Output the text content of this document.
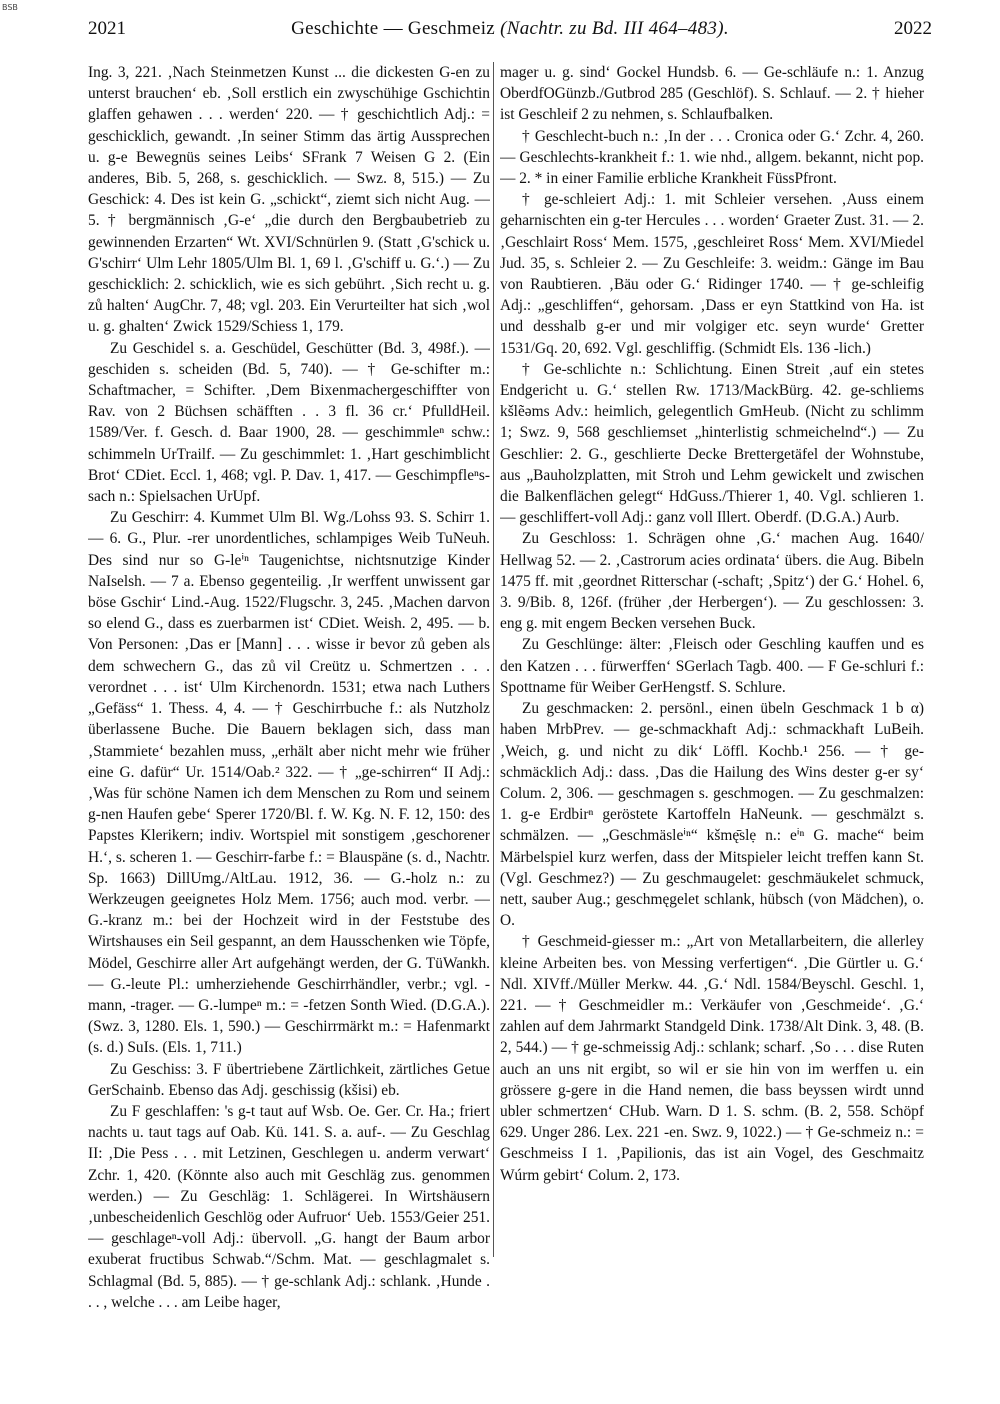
BSB
2021	Geschichte — Geschmeiz (Nachtr. zu Bd. III 464–483).	2022

Ing. 3, 221. ‚Nach Steinmetzen Kunst ... die dickesten G-en zu unterst brauchen‘ eb. ‚Soll erstlich ein zwyschühige Gschichtin glaffen gehawen . . . werden‘ 220. — † geschichtlich Adj.: = geschicklich, gewandt. ‚In seiner Stimm das ärtig Aussprechen u. g-e Bewegnüs seines Leibs‘ SFrank 7 Weisen G 2. (Ein anderes, Bib. 5, 268, s. geschicklich. — Swz. 8, 515.) — Zu Geschick: 4. Des ist kein G. „schickt“, ziemt sich nicht Aug. — 5. † bergmännisch ‚G-e‘ „die durch den Bergbaubetrieb zu gewinnenden Erzarten“ Wt. XVI/Schnürlen 9. (Statt ‚G'schick u. G'schirr‘ Ulm Lehr 1805/Ulm Bl. 1, 69 l. ‚G'schiff u. G.‘.) — Zu geschicklich: 2. schicklich, wie es sich gebührt. ‚Sich recht u. g. zů halten‘ AugChr. 7, 48; vgl. 203. Ein Verurteilter hat sich ‚wol u. g. ghalten‘ Zwick 1529/Schiess 1, 179.

Zu Geschidel s. a. Geschüdel, Geschütter (Bd. 3, 498f.). — geschiden s. scheiden (Bd. 5, 740). — † Ge-schifter m.: Schaftmacher, = Schifter. ‚Dem Bixenmachergeschiffter von Rav. von 2 Büchsen schäfften . . 3 fl. 36 cr.‘ PfulldHeil. 1589/Ver. f. Gesch. d. Baar 1900, 28. — geschimmleⁿ schw.: schimmeln UrTrailf. — Zu geschimmlet: 1. ‚Hart geschimblicht Brot‘ CDiet. Eccl. 1, 468; vgl. P. Dav. 1, 417. — Geschimpfleⁿs-sach n.: Spielsachen UrUpf.

Zu Geschirr: 4. Kummet Ulm Bl. Wg./Lohss 93. S. Schirr 1. — 6. G., Plur. -rer unordentliches, schlampiges Weib TuNeuh. Des sind nur so G-leⁱⁿ Taugenichtse, nichtsnutzige Kinder NaIselsh. — 7 a. Ebenso gegenteilig. ‚Ir werffent unwissent gar böse Gschir‘ Lind.-Aug. 1522/Flugschr. 3, 245. ‚Machen darvon so elend G., dass es zuerbarmen ist‘ CDiet. Weish. 2, 495. — b. Von Personen: ‚Das er [Mann] . . . wisse ir bevor zů geben als dem schwechern G., das zů vil Creütz u. Schmertzen . . . verordnet . . . ist‘ Ulm Kirchenordn. 1531; etwa nach Luthers „Gefäss“ 1. Thess. 4, 4. — † Geschirrbuche f.: als Nutzholz überlassene Buche. Die Bauern beklagen sich, dass man ‚Stammiete‘ bezahlen muss, „erhält aber nicht mehr wie früher eine G. dafür“ Ur. 1514/Oab.² 322. — † „ge-schirren“ II Adj.: ‚Was für schöne Namen ich dem Menschen zu Rom und seinem g-nen Haufen gebe‘ Sperer 1720/Bl. f. W. Kg. N. F. 12, 150: des Papstes Klerikern; indiv. Wortspiel mit sonstigem ‚geschorener H.‘, s. scheren 1. — Geschirr-farbe f.: = Blauspäne (s. d., Nachtr. Sp. 1663) DillUmg./AltLau. 1912, 36. — G.-holz n.: zu Werkzeugen geeignetes Holz Mem. 1756; auch mod. verbr. — G.-kranz m.: bei der Hochzeit wird in der Feststube des Wirtshauses ein Seil gespannt, an dem Hausschenken wie Töpfe, Mödel, Geschirre aller Art aufgehängt werden, der G. TüWankh. — G.-leute Pl.: umherziehende Geschirrhändler, verbr.; vgl. -mann, -trager. — G.-lumpeⁿ m.: = -fetzen Sonth Wied. (D.G.A.). (Swz. 3, 1280. Els. 1, 590.) — Geschirrmärkt m.: = Hafenmarkt (s. d.) SuIs. (Els. 1, 711.)

Zu Geschiss: 3. F übertriebene Zärtlichkeit, zärtliches Getue GerSchainb. Ebenso das Adj. geschissig (kšisi) eb.

Zu F geschlaffen: 's g-t taut auf Wsb. Oe. Ger. Cr. Ha.; friert nachts u. taut tags auf Oab. Kü. 141. S. a. auf-. — Zu Geschlag II: ‚Die Pess . . . mit Letzinen, Geschlegen u. anderm verwart‘ Zchr. 1, 420. (Könnte also auch mit Geschläg zus. genommen werden.) — Zu Geschläg: 1. Schlägerei. In Wirtshäusern ‚unbescheidenlich Geschlög oder Aufruor‘ Ueb. 1553/Geier 251. — geschlageⁿ-voll Adj.: übervoll. „G. hangt der Baum arbor exuberat fructibus Schwab.“/Schm. Mat. — geschlagmalet s. Schlagmal (Bd. 5, 885). — † ge-schlank Adj.: schlank. ‚Hunde . . . , welche . . . am Leibe hager,

mager u. g. sind‘ Gockel Hundsb. 6. — Ge-schläufe n.: 1. Anzug OberdfOGünzb./Gutbrod 285 (Geschlöf). S. Schlauf. — 2. † hieher ist Geschleif 2 zu nehmen, s. Schlaufbalken.

† Geschlecht-buch n.: ‚In der . . . Cronica oder G.‘ Zchr. 4, 260. — Geschlechts-krankheit f.: 1. wie nhd., allgem. bekannt, nicht pop. — 2. * in einer Familie erbliche Krankheit FüssPfront.

† ge-schleiert Adj.: 1. mit Schleier versehen. ‚Auss einem geharnischten ein g-ter Hercules . . . worden‘ Graeter Zust. 31. — 2. ‚Geschlairt Ross‘ Mem. 1575, ‚geschleiret Ross‘ Mem. XVI/Miedel Jud. 35, s. Schleier 2. — Zu Geschleife: 3. weidm.: Gänge im Bau von Raubtieren. ‚Bäu oder G.‘ Ridinger 1740. — † ge-schleifig Adj.: „geschliffen“, gehorsam. ‚Dass er eyn Stattkind von Ha. ist und desshalb g-er und mir volgiger etc. seyn wurde‘ Gretter 1531/Gq. 20, 692. Vgl. geschliffig. (Schmidt Els. 136 -lich.)

† Ge-schlichte n.: Schlichtung. Einen Streit ‚auf ein stetes Endgericht u. G.‘ stellen Rw. 1713/MackBürg. 42. ge-schliems kšlẽəms Adv.: heimlich, gelegentlich GmHeub. (Nicht zu schlimm 1; Swz. 9, 568 geschliemset „hinterlistig schmeichelnd“.) — Zu Geschlier: 2. G., geschlierte Decke Brettergetäfel der Wohnstube, aus „Bauholzplatten, mit Stroh und Lehm gewickelt und zwischen die Balkenflächen gelegt“ HdGuss./Thierer 1, 40. Vgl. schlieren 1. — geschliffert-voll Adj.: ganz voll Illert. Oberdf. (D.G.A.) Aurb.

Zu Geschloss: 1. Schrägen ohne ‚G.‘ machen Aug. 1640/ Hellwag 52. — 2. ‚Castrorum acies ordinata‘ übers. die Aug. Bibeln 1475 ff. mit ‚geordnet Ritterschar (-schaft; ‚Spitz‘) der G.‘ Hohel. 6, 3. 9/Bib. 8, 126f. (früher ‚der Herbergen‘). — Zu geschlossen: 3. eng g. mit engem Becken versehen Buck.

Zu Geschlünge: älter: ‚Fleisch oder Geschling kauffen und es den Katzen . . . fürwerffen‘ SGerlach Tagb. 400. — F Ge-schluri f.: Spottname für Weiber GerHengstf. S. Schlure.

Zu geschmacken: 2. persönl., einen übeln Geschmack 1 b α) haben MrbPrev. — ge-schmackhaft Adj.: schmackhaft LuBeih. ‚Weich, g. und nicht zu dik‘ Löffl. Kochb.¹ 256. — † ge-schmäcklich Adj.: dass. ‚Das die Hailung des Wins dester g-er sy‘ Colum. 2, 306. — geschmagen s. geschmogen. — Zu geschmalzen: 1. g-e Erdbirⁿ geröstete Kartoffeln HaNeunk. — geschmälzt s. schmälzen. — „Geschmäsleⁱⁿ“ kšmę̄slẹ n.: eⁱⁿ G. mache“ beim Märbelspiel kurz werfen, dass der Mitspieler leicht treffen kann St. (Vgl. Geschmez?) — Zu geschmaugelet: geschmäukelet schmuck, nett, sauber Aug.; geschmęgelet schlank, hübsch (von Mädchen), o. O.

† Geschmeid-giesser m.: „Art von Metallarbeitern, die allerley kleine Arbeiten bes. von Messing verfertigen“. ‚Die Gürtler u. G.‘ Ndl. XIVff./Müller Merkw. 44. ‚G.‘ Ndl. 1584/Beyschl. Geschl. 1, 221. — † Geschmeidler m.: Verkäufer von ‚Geschmeide‘. ‚G.‘ zahlen auf dem Jahrmarkt Standgeld Dink. 1738/Alt Dink. 3, 48. (B. 2, 544.) — † ge-schmeissig Adj.: schlank; scharf. ‚So . . . dise Ruten auch an uns nit ergibt, so wil er sie hin von im werffen u. ein grössere g-gere in die Hand nemen, die bass beyssen wirdt unnd ubler schmertzen‘ CHub. Warn. D 1. S. schm. (B. 2, 558. Schöpf 629. Unger 286. Lex. 221 -en. Swz. 9, 1022.) — † Ge-schmeiz n.: = Geschmeiss I 1. ‚Papilionis, das ist ain Vogel, des Geschmaitz Wúrm gebirt‘ Colum. 2, 173.
